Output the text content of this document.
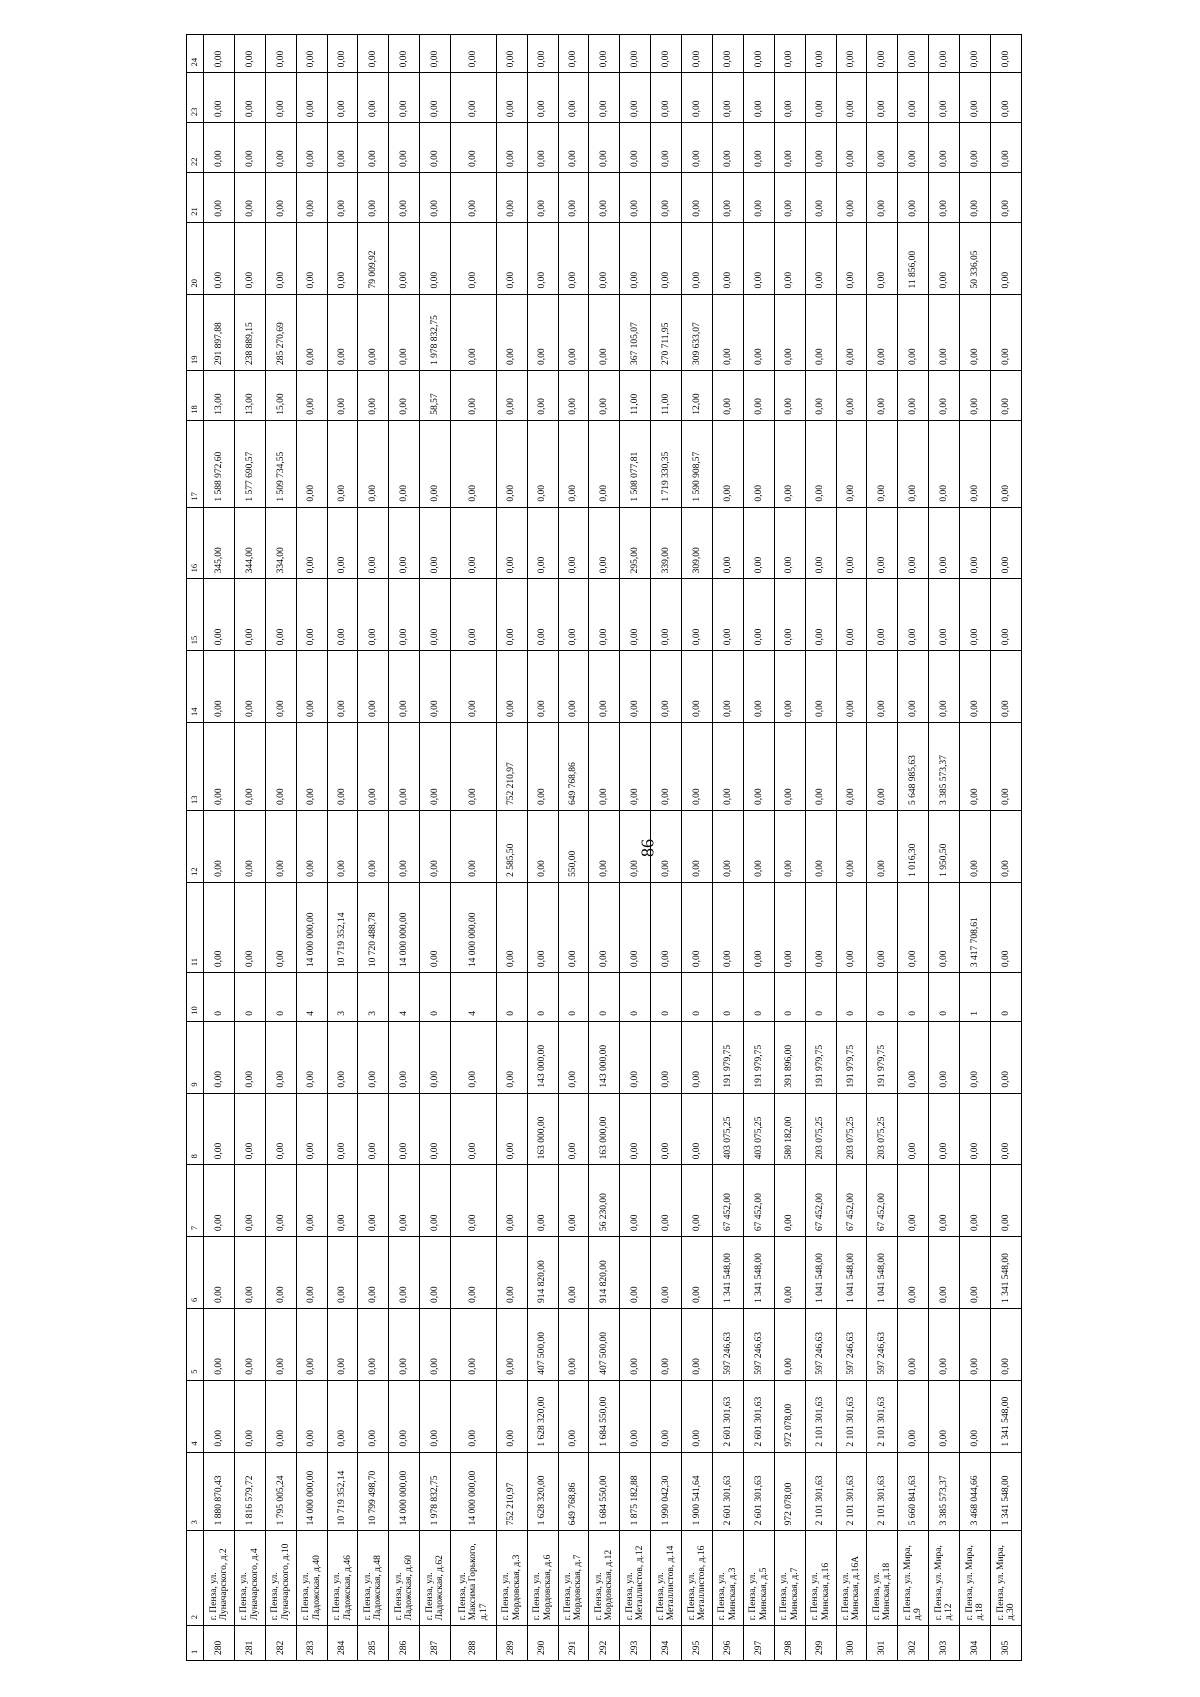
86
1	2	3	4	5	6	7	8	9	10	11	12	13	14	15	16	17	18	19	20	21	22	23	24
280	г. Пенза, ул. Луначарского, д.2	1 880 870,43	0,00	0,00	0,00	0,00	0,00	0,00	0	0,00	0,00	0,00	0,00	0,00	345,00	1 588 972,60	13,00	291 897,88	0,00	0,00	0,00	0,00	0,00
281	г. Пенза, ул. Луначарского, д.4	1 816 579,72	0,00	0,00	0,00	0,00	0,00	0,00	0	0,00	0,00	0,00	0,00	0,00	344,00	1 577 690,57	13,00	238 889,15	0,00	0,00	0,00	0,00	0,00
282	г. Пенза, ул. Луначарского, д.10	1 795 005,24	0,00	0,00	0,00	0,00	0,00	0,00	0	0,00	0,00	0,00	0,00	0,00	334,00	1 509 734,55	15,00	285 270,69	0,00	0,00	0,00	0,00	0,00
283	г. Пенза, ул. Ладожская, д.40	14 000 000,00	0,00	0,00	0,00	0,00	0,00	0,00	4	14 000 000,00	0,00	0,00	0,00	0,00	0,00	0,00	0,00	0,00	0,00	0,00	0,00	0,00	0,00
284	г. Пенза, ул. Ладожская, д.46	10 719 352,14	0,00	0,00	0,00	0,00	0,00	0,00	3	10 719 352,14	0,00	0,00	0,00	0,00	0,00	0,00	0,00	0,00	0,00	0,00	0,00	0,00	0,00
285	г. Пенза, ул. Ладожская, д.48	10 799 498,70	0,00	0,00	0,00	0,00	0,00	0,00	3	10 720 488,78	0,00	0,00	0,00	0,00	0,00	0,00	0,00	0,00	79 009,92	0,00	0,00	0,00	0,00
286	г. Пенза, ул. Ладожская, д.60	14 000 000,00	0,00	0,00	0,00	0,00	0,00	0,00	4	14 000 000,00	0,00	0,00	0,00	0,00	0,00	0,00	0,00	0,00	0,00	0,00	0,00	0,00	0,00
287	г. Пенза, ул. Ладожская, д.62	1 978 832,75	0,00	0,00	0,00	0,00	0,00	0,00	0	0,00	0,00	0,00	0,00	0,00	0,00	0,00	58,57	1 978 832,75	0,00	0,00	0,00	0,00	0,00
288	г. Пенза, ул. Максима Горького, д.17	14 000 000,00	0,00	0,00	0,00	0,00	0,00	0,00	4	14 000 000,00	0,00	0,00	0,00	0,00	0,00	0,00	0,00	0,00	0,00	0,00	0,00	0,00	0,00
289	г. Пенза, ул. Мордовская, д.3	752 210,97	0,00	0,00	0,00	0,00	0,00	0,00	0	0,00	2 585,50	752 210,97	0,00	0,00	0,00	0,00	0,00	0,00	0,00	0,00	0,00	0,00	0,00
290	г. Пенза, ул. Мордовская, д.6	1 628 320,00	1 628 320,00	407 500,00	914 820,00	0,00	163 000,00	143 000,00	0	0,00	0,00	0,00	0,00	0,00	0,00	0,00	0,00	0,00	0,00	0,00	0,00	0,00	0,00
291	г. Пенза, ул. Мордовская, д.7	649 768,86	0,00	0,00	0,00	0,00	0,00	0,00	0	0,00	550,00	649 768,86	0,00	0,00	0,00	0,00	0,00	0,00	0,00	0,00	0,00	0,00	0,00
292	г. Пенза, ул. Мордовская, д.12	1 684 550,00	1 684 550,00	407 500,00	914 820,00	56 230,00	163 000,00	143 000,00	0	0,00	0,00	0,00	0,00	0,00	0,00	0,00	0,00	0,00	0,00	0,00	0,00	0,00	0,00
293	г. Пенза, ул. Металлистов, д.12	1 875 182,88	0,00	0,00	0,00	0,00	0,00	0,00	0	0,00	0,00	0,00	0,00	0,00	295,00	1 508 077,81	11,00	367 105,07	0,00	0,00	0,00	0,00	0,00
294	г. Пенза, ул. Металлистов, д.14	1 990 042,30	0,00	0,00	0,00	0,00	0,00	0,00	0	0,00	0,00	0,00	0,00	0,00	339,00	1 719 330,35	11,00	270 711,95	0,00	0,00	0,00	0,00	0,00
295	г. Пенза, ул. Металлистов, д.16	1 900 541,64	0,00	0,00	0,00	0,00	0,00	0,00	0	0,00	0,00	0,00	0,00	0,00	309,00	1 590 908,57	12,00	309 633,07	0,00	0,00	0,00	0,00	0,00
296	г. Пенза, ул. Минская, д.3	2 601 301,63	2 601 301,63	597 246,63	1 341 548,00	67 452,00	403 075,25	191 979,75	0	0,00	0,00	0,00	0,00	0,00	0,00	0,00	0,00	0,00	0,00	0,00	0,00	0,00	0,00
297	г. Пенза, ул. Минская, д.5	2 601 301,63	2 601 301,63	597 246,63	1 341 548,00	67 452,00	403 075,25	191 979,75	0	0,00	0,00	0,00	0,00	0,00	0,00	0,00	0,00	0,00	0,00	0,00	0,00	0,00	0,00
298	г. Пенза, ул. Минская, д.7	972 078,00	972 078,00	0,00	0,00	0,00	580 182,00	391 896,00	0	0,00	0,00	0,00	0,00	0,00	0,00	0,00	0,00	0,00	0,00	0,00	0,00	0,00	0,00
299	г. Пенза, ул. Минская, д.16	2 101 301,63	2 101 301,63	597 246,63	1 041 548,00	67 452,00	203 075,25	191 979,75	0	0,00	0,00	0,00	0,00	0,00	0,00	0,00	0,00	0,00	0,00	0,00	0,00	0,00	0,00
300	г. Пенза, ул. Минская, д.16А	2 101 301,63	2 101 301,63	597 246,63	1 041 548,00	67 452,00	203 075,25	191 979,75	0	0,00	0,00	0,00	0,00	0,00	0,00	0,00	0,00	0,00	0,00	0,00	0,00	0,00	0,00
301	г. Пенза, ул. Минская, д.18	2 101 301,63	2 101 301,63	597 246,63	1 041 548,00	67 452,00	203 075,25	191 979,75	0	0,00	0,00	0,00	0,00	0,00	0,00	0,00	0,00	0,00	0,00	0,00	0,00	0,00	0,00
302	г. Пенза, ул. Мира, д.9	5 660 841,63	0,00	0,00	0,00	0,00	0,00	0,00	0	0,00	1 016,30	5 648 985,63	0,00	0,00	0,00	0,00	0,00	0,00	11 856,00	0,00	0,00	0,00	0,00
303	г. Пенза, ул. Мира, д.12	3 385 573,37	0,00	0,00	0,00	0,00	0,00	0,00	0	0,00	1 950,50	3 385 573,37	0,00	0,00	0,00	0,00	0,00	0,00	0,00	0,00	0,00	0,00	0,00
304	г. Пенза, ул. Мира, д.18	3 468 044,66	0,00	0,00	0,00	0,00	0,00	0,00	1	3 417 708,61	0,00	0,00	0,00	0,00	0,00	0,00	0,00	0,00	50 336,05	0,00	0,00	0,00	0,00
305	г. Пенза, ул. Мира, д.30	1 341 548,00	1 341 548,00	0,00	1 341 548,00	0,00	0,00	0,00	0	0,00	0,00	0,00	0,00	0,00	0,00	0,00	0,00	0,00	0,00	0,00	0,00	0,00	0,00
